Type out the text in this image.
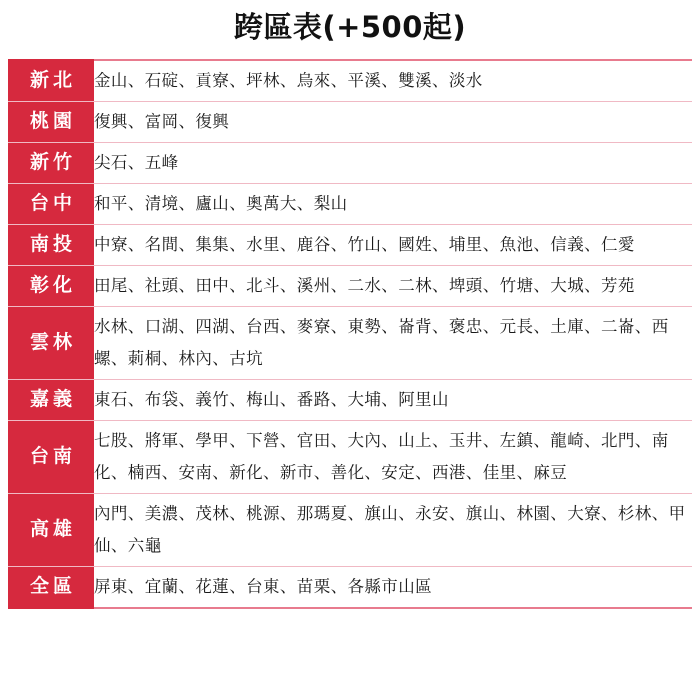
跨區表(+500起)
新北	金山、石碇、貢寮、坪林、烏來、平溪、雙溪、淡水
桃園	復興、富岡、復興
新竹	尖石、五峰
台中	和平、清境、廬山、奧萬大、梨山
南投	中寮、名間、集集、水里、鹿谷、竹山、國姓、埔里、魚池、信義、仁愛
彰化	田尾、社頭、田中、北斗、溪州、二水、二林、埤頭、竹塘、大城、芳苑
雲林	水林、口湖、四湖、台西、麥寮、東勢、崙背、褒忠、元長、土庫、二崙、西螺、莿桐、林內、古坑
嘉義	東石、布袋、義竹、梅山、番路、大埔、阿里山
台南	七股、將軍、學甲、下營、官田、大內、山上、玉井、左鎮、龍崎、北門、南化、楠西、安南、新化、新市、善化、安定、西港、佳里、麻豆
高雄	內門、美濃、茂林、桃源、那瑪夏、旗山、永安、旗山、林園、大寮、杉林、甲仙、六龜
全區	屏東、宜蘭、花蓮、台東、苗栗、各縣市山區
